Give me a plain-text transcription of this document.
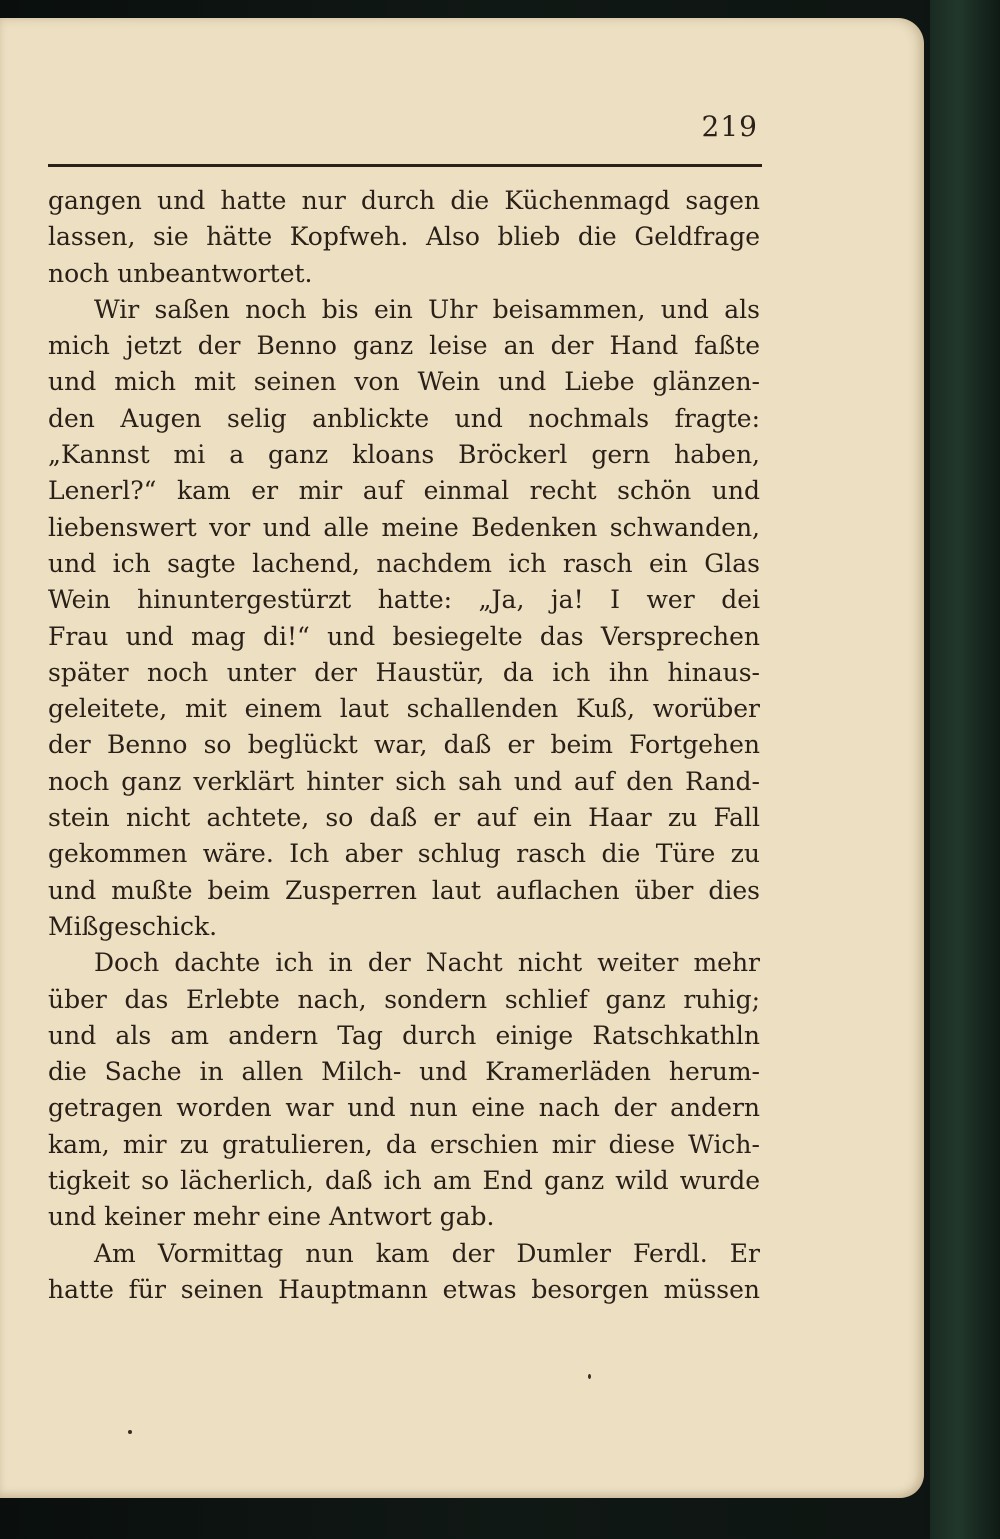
219
gangen und hatte nur durch die Küchenmagd sagen
lassen, sie hätte Kopfweh. Also blieb die Geldfrage
noch unbeantwortet.
Wir saßen noch bis ein Uhr beisammen, und als
mich jetzt der Benno ganz leise an der Hand faßte
und mich mit seinen von Wein und Liebe glänzen-
den Augen selig anblickte und nochmals fragte:
„Kannst mi a ganz kloans Bröckerl gern haben,
Lenerl?“ kam er mir auf einmal recht schön und
liebenswert vor und alle meine Bedenken schwanden,
und ich sagte lachend, nachdem ich rasch ein Glas
Wein hinuntergestürzt hatte: „Ja, ja! I wer dei
Frau und mag di!“ und besiegelte das Versprechen
später noch unter der Haustür, da ich ihn hinaus-
geleitete, mit einem laut schallenden Kuß, worüber
der Benno so beglückt war, daß er beim Fortgehen
noch ganz verklärt hinter sich sah und auf den Rand-
stein nicht achtete, so daß er auf ein Haar zu Fall
gekommen wäre. Ich aber schlug rasch die Türe zu
und mußte beim Zusperren laut auflachen über dies
Mißgeschick.
Doch dachte ich in der Nacht nicht weiter mehr
über das Erlebte nach, sondern schlief ganz ruhig;
und als am andern Tag durch einige Ratschkathln
die Sache in allen Milch- und Kramerläden herum-
getragen worden war und nun eine nach der andern
kam, mir zu gratulieren, da erschien mir diese Wich-
tigkeit so lächerlich, daß ich am End ganz wild wurde
und keiner mehr eine Antwort gab.
Am Vormittag nun kam der Dumler Ferdl. Er
hatte für seinen Hauptmann etwas besorgen müssen
